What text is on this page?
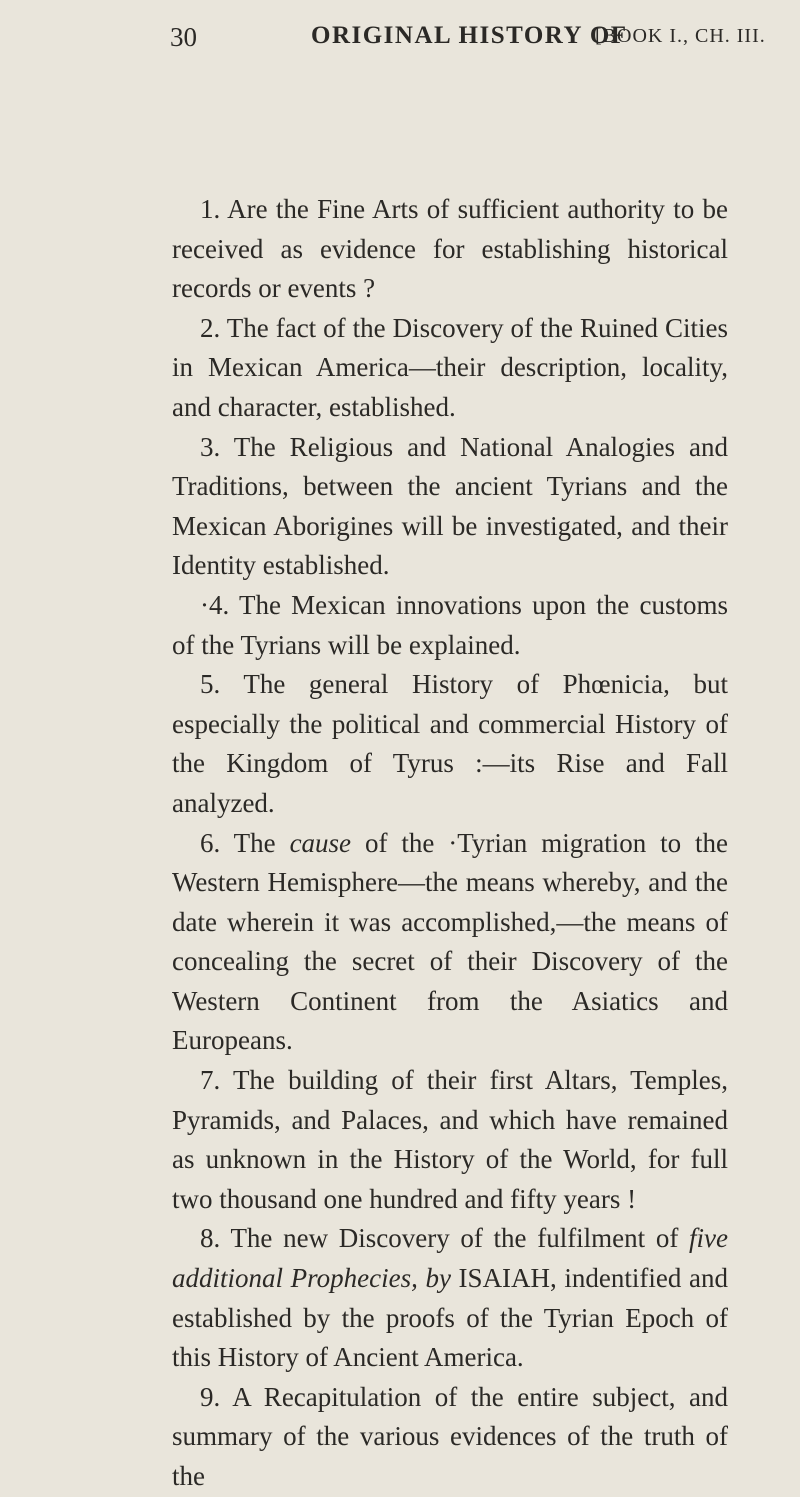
30	ORIGINAL HISTORY OF
[BOOK I., CH. III.

1. Are the Fine Arts of sufficient authority to be received as evidence for establishing historical records or events ?

2. The fact of the Discovery of the Ruined Cities in Mexican America—their description, locality, and character, established.

3. The Religious and National Analogies and Traditions, between the ancient Tyrians and the Mexican Aborigines will be investigated, and their Identity established.

·4. The Mexican innovations upon the customs of the Tyrians will be explained.

5. The general History of Phœnicia, but especially the political and commercial History of the Kingdom of Tyrus :—its Rise and Fall analyzed.

6. The cause of the ·Tyrian migration to the Western Hemisphere—the means whereby, and the date wherein it was accomplished,—the means of concealing the secret of their Discovery of the Western Continent from the Asiatics and Europeans.

7. The building of their first Altars, Temples, Pyramids, and Palaces, and which have remained as unknown in the History of the World, for full two thousand one hundred and fifty years !

8. The new Discovery of the fulfilment of five additional Prophecies, by ISAIAH, indentified and established by the proofs of the Tyrian Epoch of this History of Ancient America.

9. A Recapitulation of the entire subject, and summary of the various evidences of the truth of the
